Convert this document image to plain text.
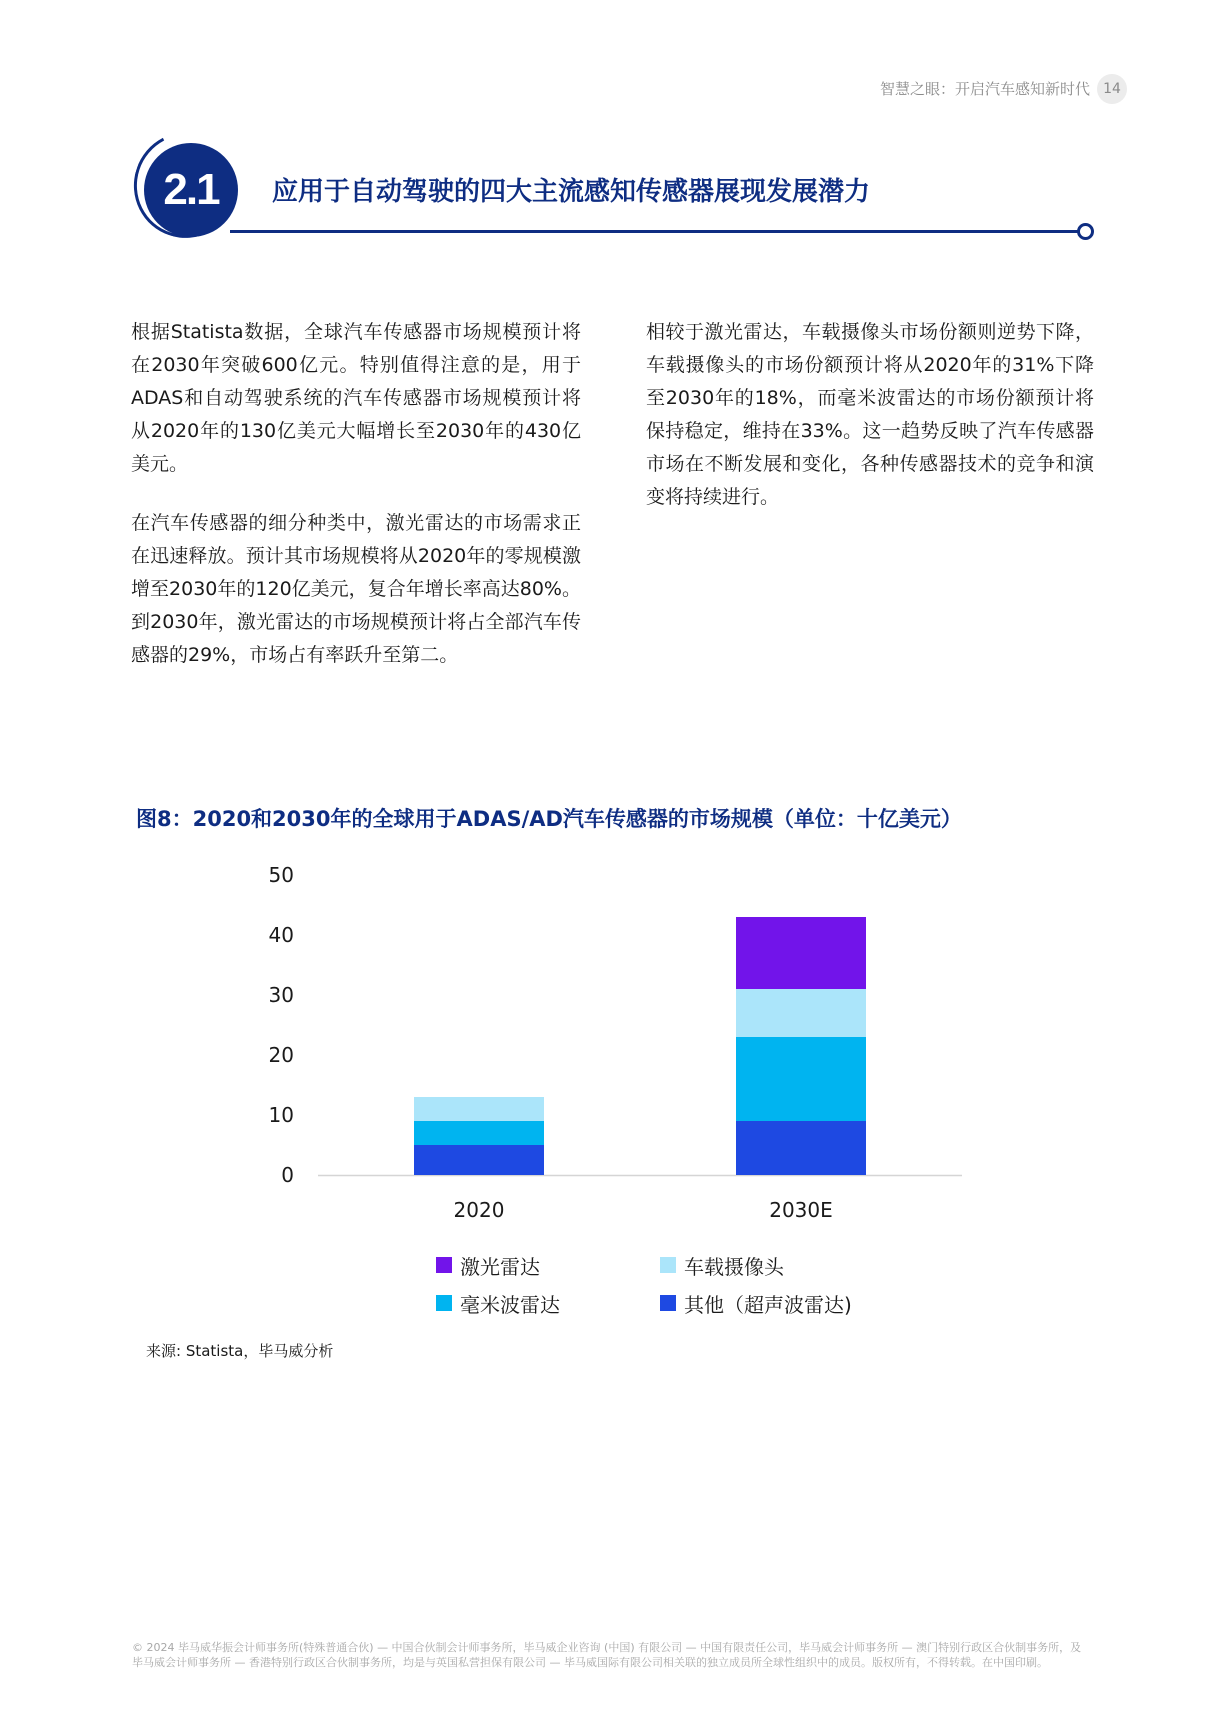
智慧之眼：开启汽车感知新时代 14
2.1	应用于自动驾驶的四大主流感知传感器展现发展潜力

根据Statista数据，全球汽车传感器市场规模预计将在2030年突破600亿元。特别值得注意的是，用于ADAS和自动驾驶系统的汽车传感器市场规模预计将从2020年的130亿美元大幅增长至2030年的430亿美元。

在汽车传感器的细分种类中，激光雷达的市场需求正在迅速释放。预计其市场规模将从2020年的零规模激增至2030年的120亿美元，复合年增长率高达80%。到2030年，激光雷达的市场规模预计将占全部汽车传感器的29%，市场占有率跃升至第二。

相较于激光雷达，车载摄像头市场份额则逆势下降，车载摄像头的市场份额预计将从2020年的31%下降至2030年的18%，而毫米波雷达的市场份额预计将保持稳定，维持在33%。这一趋势反映了汽车传感器市场在不断发展和变化，各种传感器技术的竞争和演变将持续进行。

图8：2020和2030年的全球用于ADAS/AD汽车传感器的市场规模（单位：十亿美元）
0
10
20
30
40
50
2020	2030E
激光雷达	车载摄像头
毫米波雷达	其他（超声波雷达)
来源: Statista，毕马威分析
© 2024 毕马威华振会计师事务所(特殊普通合伙) — 中国合伙制会计师事务所，毕马威企业咨询 (中国) 有限公司 — 中国有限责任公司，毕马威会计师事务所 — 澳门特别行政区合伙制事务所，及毕马威会计师事务所 — 香港特别行政区合伙制事务所，均是与英国私营担保有限公司 — 毕马威国际有限公司相关联的独立成员所全球性组织中的成员。版权所有，不得转载。在中国印刷。
